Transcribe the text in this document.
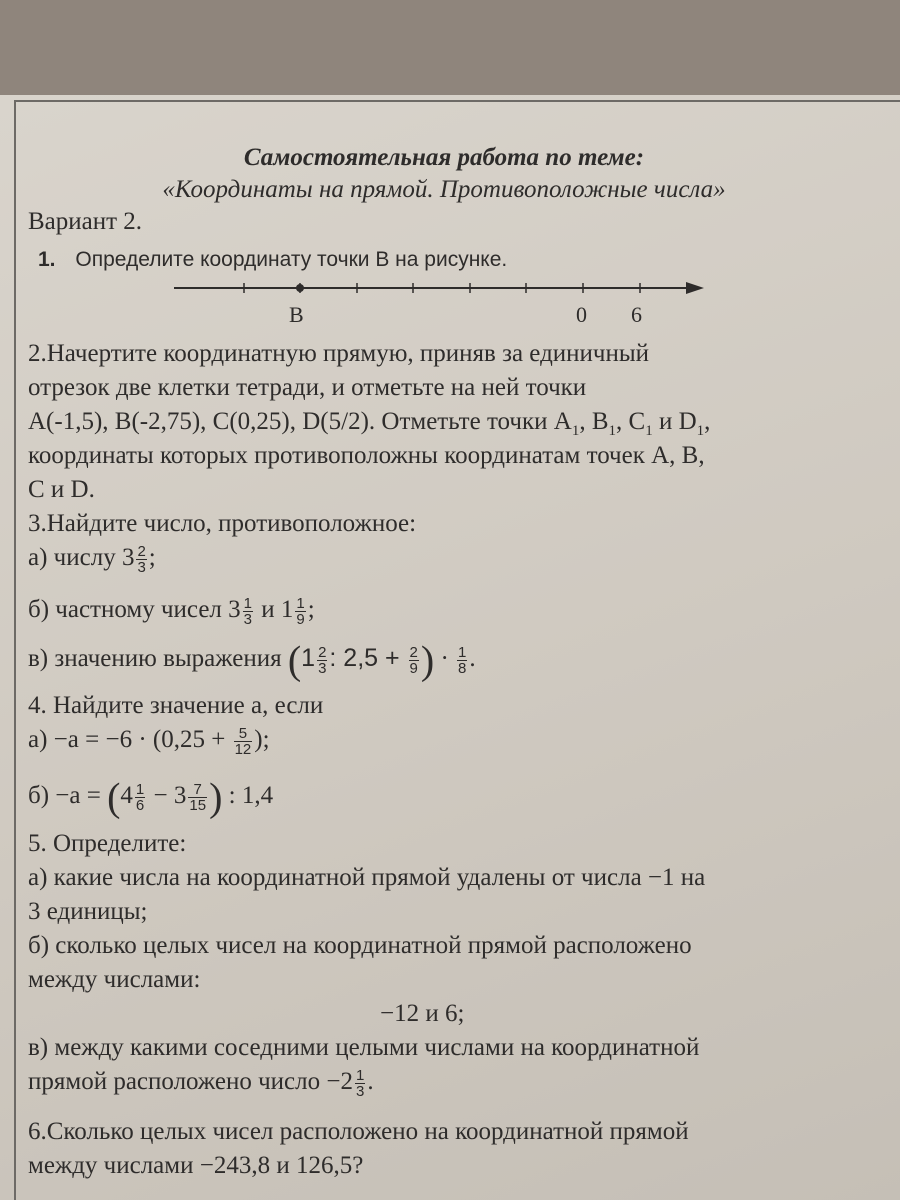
Самостоятельная работа по теме:
«Координаты на прямой. Противоположные числа»
Вариант 2.
1. Определите координату точки В на рисунке.
B	0 6
2.Начертите координатную прямую, приняв за единичный
отрезок две клетки тетради, и отметьте на ней точки
А(-1,5), В(-2,75), С(0,25), D(5/2). Отметьте точки $А_1$, $B_1$, $C_1$ и $D_1$,
координаты которых противоположны координатам точек А, В,
С и D.
3.Найдите число, противоположное:
а) числу $3 \frac{2}{3}$ ;
б) частному чисел $3 \frac{1}{3}$ и $1 \frac{1}{9}$ ;
в) значению выражения ($1 \frac{2}{3}$ : $2,5 + \frac{2}{9}$ ) · $\frac{1}{8}$ .
4. Найдите значение а, если
$а) -a = -6 \cdot (0,25 + \frac{5}{12}$ );
$б) -a = (4 \frac{1}{6} - 3 \frac{7}{15}$ ) : 1,4
5. Определите:
а) какие числа на координатной прямой удалены от числа −1 на
3 единицы;
б) сколько целых чисел на координатной прямой расположено
между числами:
−12 и 6;
в) между какими соседними целыми числами на координатной
прямой расположено число $-2 \frac{1}{3}$ .
6.Сколько целых чисел расположено на координатной прямой
между числами −243,8 и 126,5?
